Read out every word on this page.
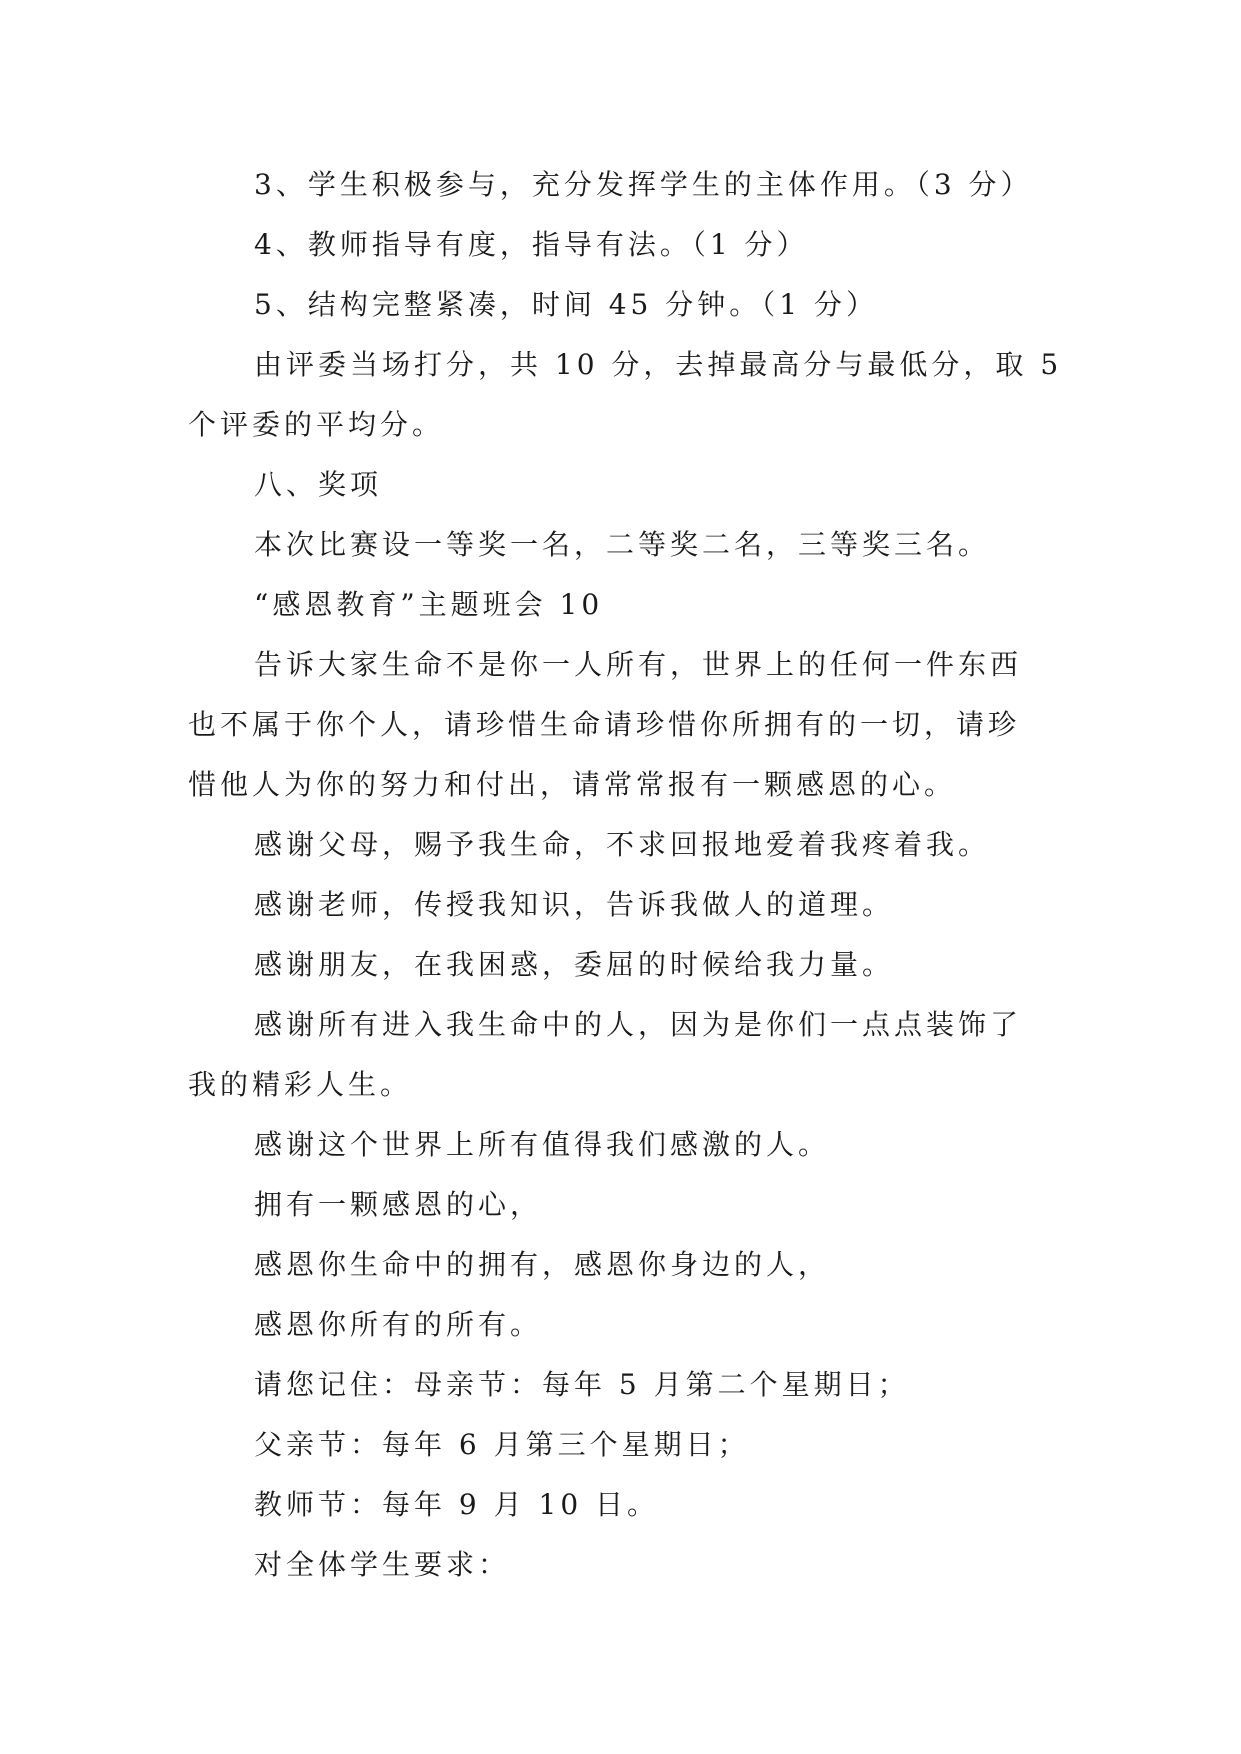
3、学生积极参与，充分发挥学生的主体作用。（3 分）
4、教师指导有度，指导有法。（1 分）
5、结构完整紧凑，时间 45 分钟。（1 分）
由评委当场打分，共 10 分，去掉最高分与最低分，取 5
个评委的平均分。
八、奖项
本次比赛设一等奖一名，二等奖二名，三等奖三名。
“感恩教育”主题班会 10
告诉大家生命不是你一人所有，世界上的任何一件东西
也不属于你个人，请珍惜生命请珍惜你所拥有的一切，请珍
惜他人为你的努力和付出，请常常报有一颗感恩的心。
感谢父母，赐予我生命，不求回报地爱着我疼着我。
感谢老师，传授我知识，告诉我做人的道理。
感谢朋友，在我困惑，委屈的时候给我力量。
感谢所有进入我生命中的人，因为是你们一点点装饰了
我的精彩人生。
感谢这个世界上所有值得我们感激的人。
拥有一颗感恩的心，
感恩你生命中的拥有，感恩你身边的人，
感恩你所有的所有。
请您记住：母亲节：每年 5 月第二个星期日；
父亲节：每年 6 月第三个星期日；
教师节：每年 9 月 10 日。
对全体学生要求：
